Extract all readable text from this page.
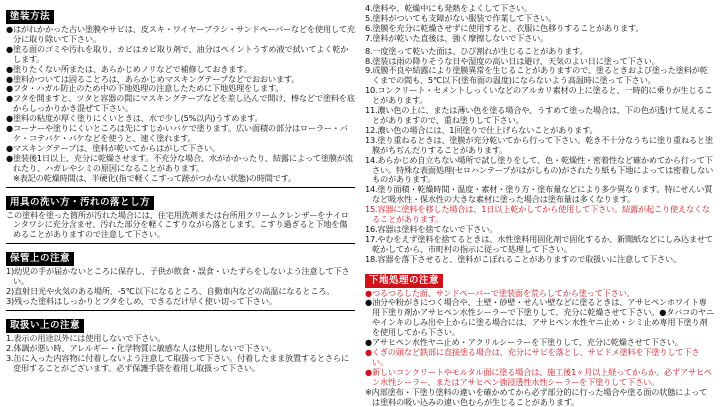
塗装方法
●はがれかかった古い塗膜やサビは、皮スキ・ワイヤーブラシ・サンドペーパーなどを使用して充分に取り除いて下さい。
●塗る面のゴミや汚れを取り、カビはカビ取り剤で、油分はペイントうすめ液で拭いてよく乾かします。
●塗りたくない所または、あらかじめノリなどで補修しておきます。
●塗料かついては固ることろは、あらかじめマスキングテープなどでおおいます。
●フタ・ハガル防止のため中の下地処理の注意したために下地処理をします。
●フタを開ますと、ツタと容器の間にマスキングテープなどを差し込んで開け、棒などで塗料を底からしっかりかき混ぜて下さい。
●塗料の粘度が厚く塗りにくいときは、水で少し(5%以内)うすめます。
●コーナーや塗りにくいところは先にすじかいバケで塗ります。広い面積の部分はローラー・バケ・コテバケ・バケなどを使うと、速く塗れます。
●マスキングテープは、塗料が乾いてからはがして下さい。
●塗装後1日以上、充分に乾燥させます。不充分な場合、水がかかったり、結露によって塗膜が流れたり、ハガレやシミの原因になることがあります。
※表記の乾燥時間は、半硬化(指で軽くこすって跡がつかない状態)の時間です。
用具の洗い方・汚れの落とし方
この塗料を塗った箇所が汚れた場合には、住宅用洗剤または台所用クリームクレンザーをナイロンタワシに充分含ませ、汚れた部分を軽くこすりながら落とします。こすり過ぎると下地を傷めることがありますので注意して下さい。
保管上の注意
1)幼児の手が届かないところに保存し、子供が飲食・誤食・いたずらをしないよう注意して下さい。
2)直射日光や火気のある場所、-5℃以下になるところ、自動車内などの高温になるところ。
3)残った塗料はしっかりとフタをしめ、できるだけ早く使い切って下さい。
取扱い上の注意
1.表示の用途以外には使用しないで下さい。
2.体調が悪い時、アレルギー・化学物質に敏感な人は使用しないで下さい。
3.缶に入った内容物に付着しないよう注意して取扱って下さい。付着したまま放置するとさらに変形することがございます。必ず保護手袋を着用し取扱って下さい。
4.塗料や、乾燥中にも発熱をよくして下さい。
5.塗料がついても支障がない服装で作業して下さい。
6.塗膜を充分に乾燥させずに使用すると、衣服に色移りすることがあります。
7.塗料が乾いた直後は、強く摩擦しないで下さい。
8.一度塗って乾いた面は、ひび割れが生じることがあります。
8.塗装は雨の降りそうな日や湿度の高い日は避け、天気のよい日に塗って下さい。
9.成膜不良や結露により塗膜異常を生じることがありますので、塗るときおよび塗った塗料が乾くまでの間も、5℃以下(塗布面の温度)にならないよう高温時に塗って下さい。
10.コンクリート・セメントしっくいなどのアルカリ素材の上に塗ると、一時的に乗りが生じることがあります。
11.濃い色の上に、または薄い色を塗る場合や、うすめて塗った場合は、下の色が透けて見えることがありますので、重ね塗りして下さい。
12.濃い色の場合には、1回塗りで仕上げらないことがあります。
13.塗り重ねるときは、塗膜が充分乾いてから行って下さい。乾き不十分なうちに塗り重ねると塗膜がちぢんだりすることがあります。
14.あらかじめ自立ちない場所で試し塗りをして、色・乾燥性・密着性など確かめてから行って下さい。特殊な表面処理(セロハンテープがはがしもの)がされたり紙も下地によっては密着しないものがあります。
14.塗り面積・乾燥時間・温度・素材・塗り方・塗布量などにより多少異なります。特にせんい質など吸水性・保水性の大きな素材に塗った場合は塗布量は多くなります。
15.容器に塗料を移した場合は、1日以上乾かしてから使用して下さい。結露が起こり使えなくなることがあります。
16.容器は塗料を捨てないで下さい。
17.やむをえず塗料を捨てるときは、水性塗料用固化剤で固化するか、新聞紙などにしみ込ませて乾かしてから、市町村の指示に従って処理して下さい。
18.容器を落下させると、塗料がこぼれることがありますので取扱いに注意して下さい。
下地処理の注意
●つるつるした面、サンドペーパーで塗装面を荒らしてから塗って下さい。
●油分や粉がきにつく場合や、土壁・砂壁・せんい壁などに塗るときは、アサヒペンホワイト専用下塗り剤かアサヒペン水性シーラーで下塗りして、充分に乾燥させて下さい。●タバコのヤニやインキのしみ出や上からに塗る場合には、アサヒペン水性ヤニ止め・シミ止め専用下塗り剤を使用してから下さい。
●アサヒペン水性ヤニ止め・アクリルシーラーを下塗りして、充分に乾燥させて下さい。
●くぎの頭など鉄部に直接塗る場合は、充分にサビを落とし、サビドメ塗料を下塗りして下さい。
●新しいコンクリートやモルタル面に塗る場合は、施工後1ヶ月以上経ってからか、必ずアサヒペン水性シーラー、またはアサヒペン強浸透性水性シーラーを下塗りして下さい。
※内部塗布・下塗り塗料の違いを確かめてから必ず部分的に行った場合や塗る面の状態によっては塗料の吸い込みの違い色むらが生じることがあります。
